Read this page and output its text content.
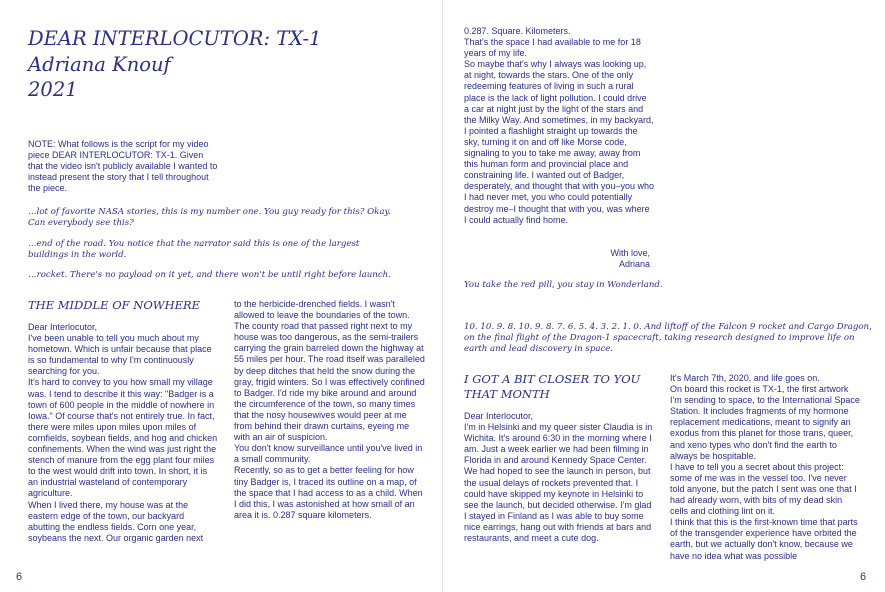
DEAR INTERLOCUTOR: TX-1
Adriana Knouf
2021
NOTE: What follows is the script for my video piece DEAR INTERLOCUTOR: TX-1. Given that the video isn't publicly available I wanted to instead present the story that I tell throughout the piece.
…lot of favorite NASA stories, this is my number one. You guy ready for this? Okay. Can everybody see this?
…end of the road. You notice that the narrator said this is one of the largest buildings in the world.
…rocket. There's no payload on it yet, and there won't be until right before launch.
THE MIDDLE OF NOWHERE

Dear Interlocutor,

I've been unable to tell you much about my hometown. Which is unfair because that place is so fundamental to why I'm continuously searching for you.

It's hard to convey to you how small my village was. I tend to describe it this way: "Badger is a town of 600 people in the middle of nowhere in Iowa." Of course that's not entirely true. In fact, there were miles upon miles upon miles of cornfields, soybean fields, and hog and chicken confinements. When the wind was just right the stench of manure from the egg plant four miles to the west would drift into town. In short, it is an industrial wasteland of contemporary agriculture.

When I lived there, my house was at the eastern edge of the town, our backyard abutting the endless fields. Corn one year, soybeans the next. Our organic garden next

to the herbicide-drenched fields. I wasn't allowed to leave the boundaries of the town. The county road that passed right next to my house was too dangerous, as the semi-trailers carrying the grain barreled down the highway at 55 miles per hour. The road itself was paralleled by deep ditches that held the snow during the gray, frigid winters. So I was effectively confined to Badger. I'd ride my bike around and around the circumference of the town, so many times that the nosy housewives would peer at me from behind their drawn curtains, eyeing me with an air of suspicion.

You don't know surveillance until you've lived in a small community.

Recently, so as to get a better feeling for how tiny Badger is, I traced its outline on a map, of the space that I had access to as a child. When I did this, I was astonished at how small of an area it is. 0.287 square kilometers.

6

0.287. Square. Kilometers.

That's the space I had available to me for 18 years of my life.

So maybe that's why I always was looking up, at night, towards the stars. One of the only redeeming features of living in such a rural place is the lack of light pollution. I could drive a car at night just by the light of the stars and the Milky Way. And sometimes, in my backyard, I pointed a flashlight straight up towards the sky, turning it on and off like Morse code, signaling to you to take me away, away from this human form and provincial place and constraining life. I wanted out of Badger, desperately, and thought that with you–you who I had never met, you who could potentially destroy me–I thought that with you, was where I could actually find home.

With love,
Adriana
You take the red pill, you stay in Wonderland.
10. 10. 9. 8. 10. 9. 8. 7. 6. 5. 4. 3. 2. 1. 0. And liftoff of the Falcon 9 rocket and Cargo Dragon, on the final flight of the Dragon-1 spacecraft, taking research designed to improve life on earth and lead discovery in space.
I GOT A BIT CLOSER TO YOU THAT MONTH

Dear Interlocutor,

I'm in Helsinki and my queer sister Claudia is in Wichita. It's around 6:30 in the morning where I am. Just a week earlier we had been filming in Florida in and around Kennedy Space Center. We had hoped to see the launch in person, but the usual delays of rockets prevented that. I could have skipped my keynote in Helsinki to see the launch, but decided otherwise. I'm glad I stayed in Finland as I was able to buy some nice earrings, hang out with friends at bars and restaurants, and meet a cute dog.

It's March 7th, 2020, and life goes on.

On board this rocket is TX-1, the first artwork I'm sending to space, to the International Space Station. It includes fragments of my hormone replacement medications, meant to signify an exodus from this planet for those trans, queer, and xeno types who don't find the earth to always be hospitable.

I have to tell you a secret about this project: some of me was in the vessel too. I've never told anyone, but the patch I sent was one that I had already worn, with bits of my dead skin cells and clothing lint on it.

I think that this is the first-known time that parts of the transgender experience have orbited the earth, but we actually don't know, because we have no idea what was possible

6
